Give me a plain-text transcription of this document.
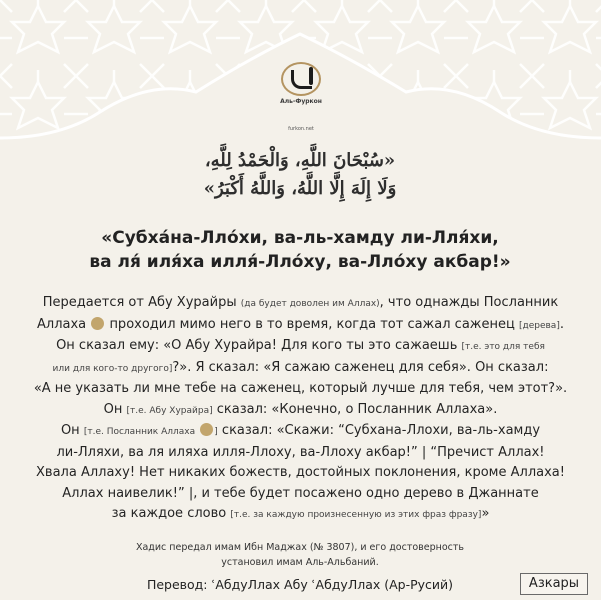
Аль-Фуркон
furkon.net
«سُبْحَانَ اللَّهِ، وَالْحَمْدُ لِلَّهِ،
وَلَا إِلَهَ إِلَّا اللَّهُ، وَاللَّهُ أَكْبَرُ»
«Субха́на-Лло́хи, ва-ль-хамду ли-Лля́хи,
ва ля́ иля́ха илля́-Лло́ху, ва-Лло́ху акбар!»
Передается от Абу Хурайры (да будет доволен им Аллах), что однажды Посланник
Аллаха проходил мимо него в то время, когда тот сажал саженец [дерева].
Он сказал ему: «О Абу Хурайра! Для кого ты это сажаешь [т.е. это для тебя
или для кого-то другого]?». Я сказал: «Я сажаю саженец для себя». Он сказал:
«А не указать ли мне тебе на саженец, который лучше для тебя, чем этот?».
Он [т.е. Абу Хурайра] сказал: «Конечно, о Посланник Аллаха».
Он [т.е. Посланник Аллаха ] сказал: «Скажи: “Субхана-Ллохи, ва-ль-хамду
ли-Лляхи, ва ля иляха илля-Ллоху, ва-Ллоху акбар!” | “Пречист Аллах!
Хвала Аллаху! Нет никаких божеств, достойных поклонения, кроме Аллаха!
Аллах наивелик!” |, и тебе будет посажено одно дерево в Джаннате
за каждое слово [т.е. за каждую произнесенную из этих фраз фразу]»
Хадис передал имам Ибн Маджах (№ 3807), и его достоверность
установил имам Аль-Альбаний.
Перевод: ʿАбдуЛлах Абу ʿАбдуЛлах (Ар-Русий)	Азкары
